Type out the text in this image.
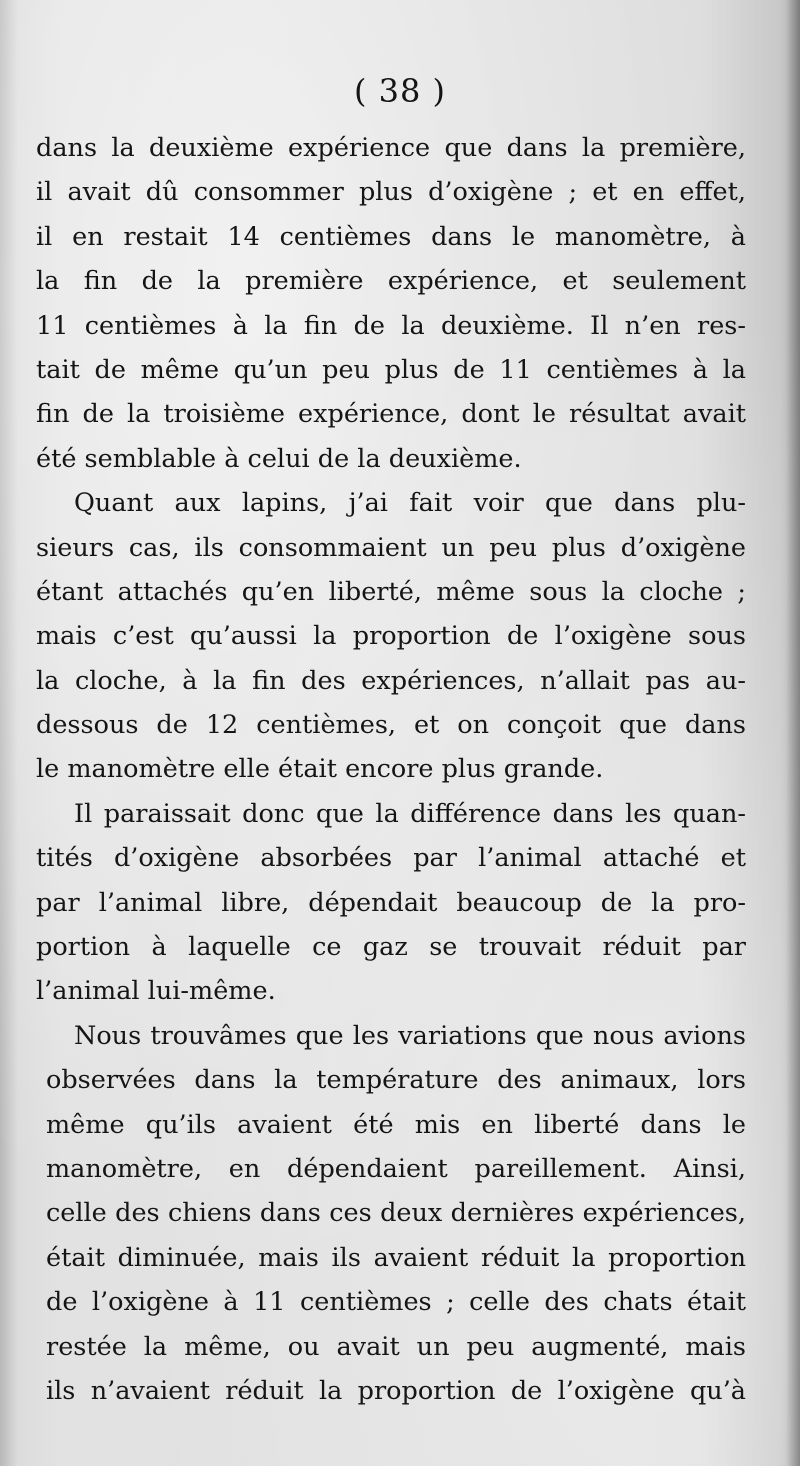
( 38 )
dans la deuxième expérience que dans la première,
il avait dû consommer plus d’oxigène ; et en effet,
il en restait 14 centièmes dans le manomètre, à
la fin de la première expérience, et seulement
11 centièmes à la fin de la deuxième. Il n’en res-
tait de même qu’un peu plus de 11 centièmes à la
fin de la troisième expérience, dont le résultat avait
été semblable à celui de la deuxième.
Quant aux lapins, j’ai fait voir que dans plu-
sieurs cas, ils consommaient un peu plus d’oxigène
étant attachés qu’en liberté, même sous la cloche ;
mais c’est qu’aussi la proportion de l’oxigène sous
la cloche, à la fin des expériences, n’allait pas au-
dessous de 12 centièmes, et on conçoit que dans
le manomètre elle était encore plus grande.
Il paraissait donc que la différence dans les quan-
tités d’oxigène absorbées par l’animal attaché et
par l’animal libre, dépendait beaucoup de la pro-
portion à laquelle ce gaz se trouvait réduit par
l’animal lui-même.
Nous trouvâmes que les variations que nous avions
observées dans la température des animaux, lors
même qu’ils avaient été mis en liberté dans le
manomètre, en dépendaient pareillement. Ainsi,
celle des chiens dans ces deux dernières expériences,
était diminuée, mais ils avaient réduit la proportion
de l’oxigène à 11 centièmes ; celle des chats était
restée la même, ou avait un peu augmenté, mais
ils n’avaient réduit la proportion de l’oxigène qu’à
